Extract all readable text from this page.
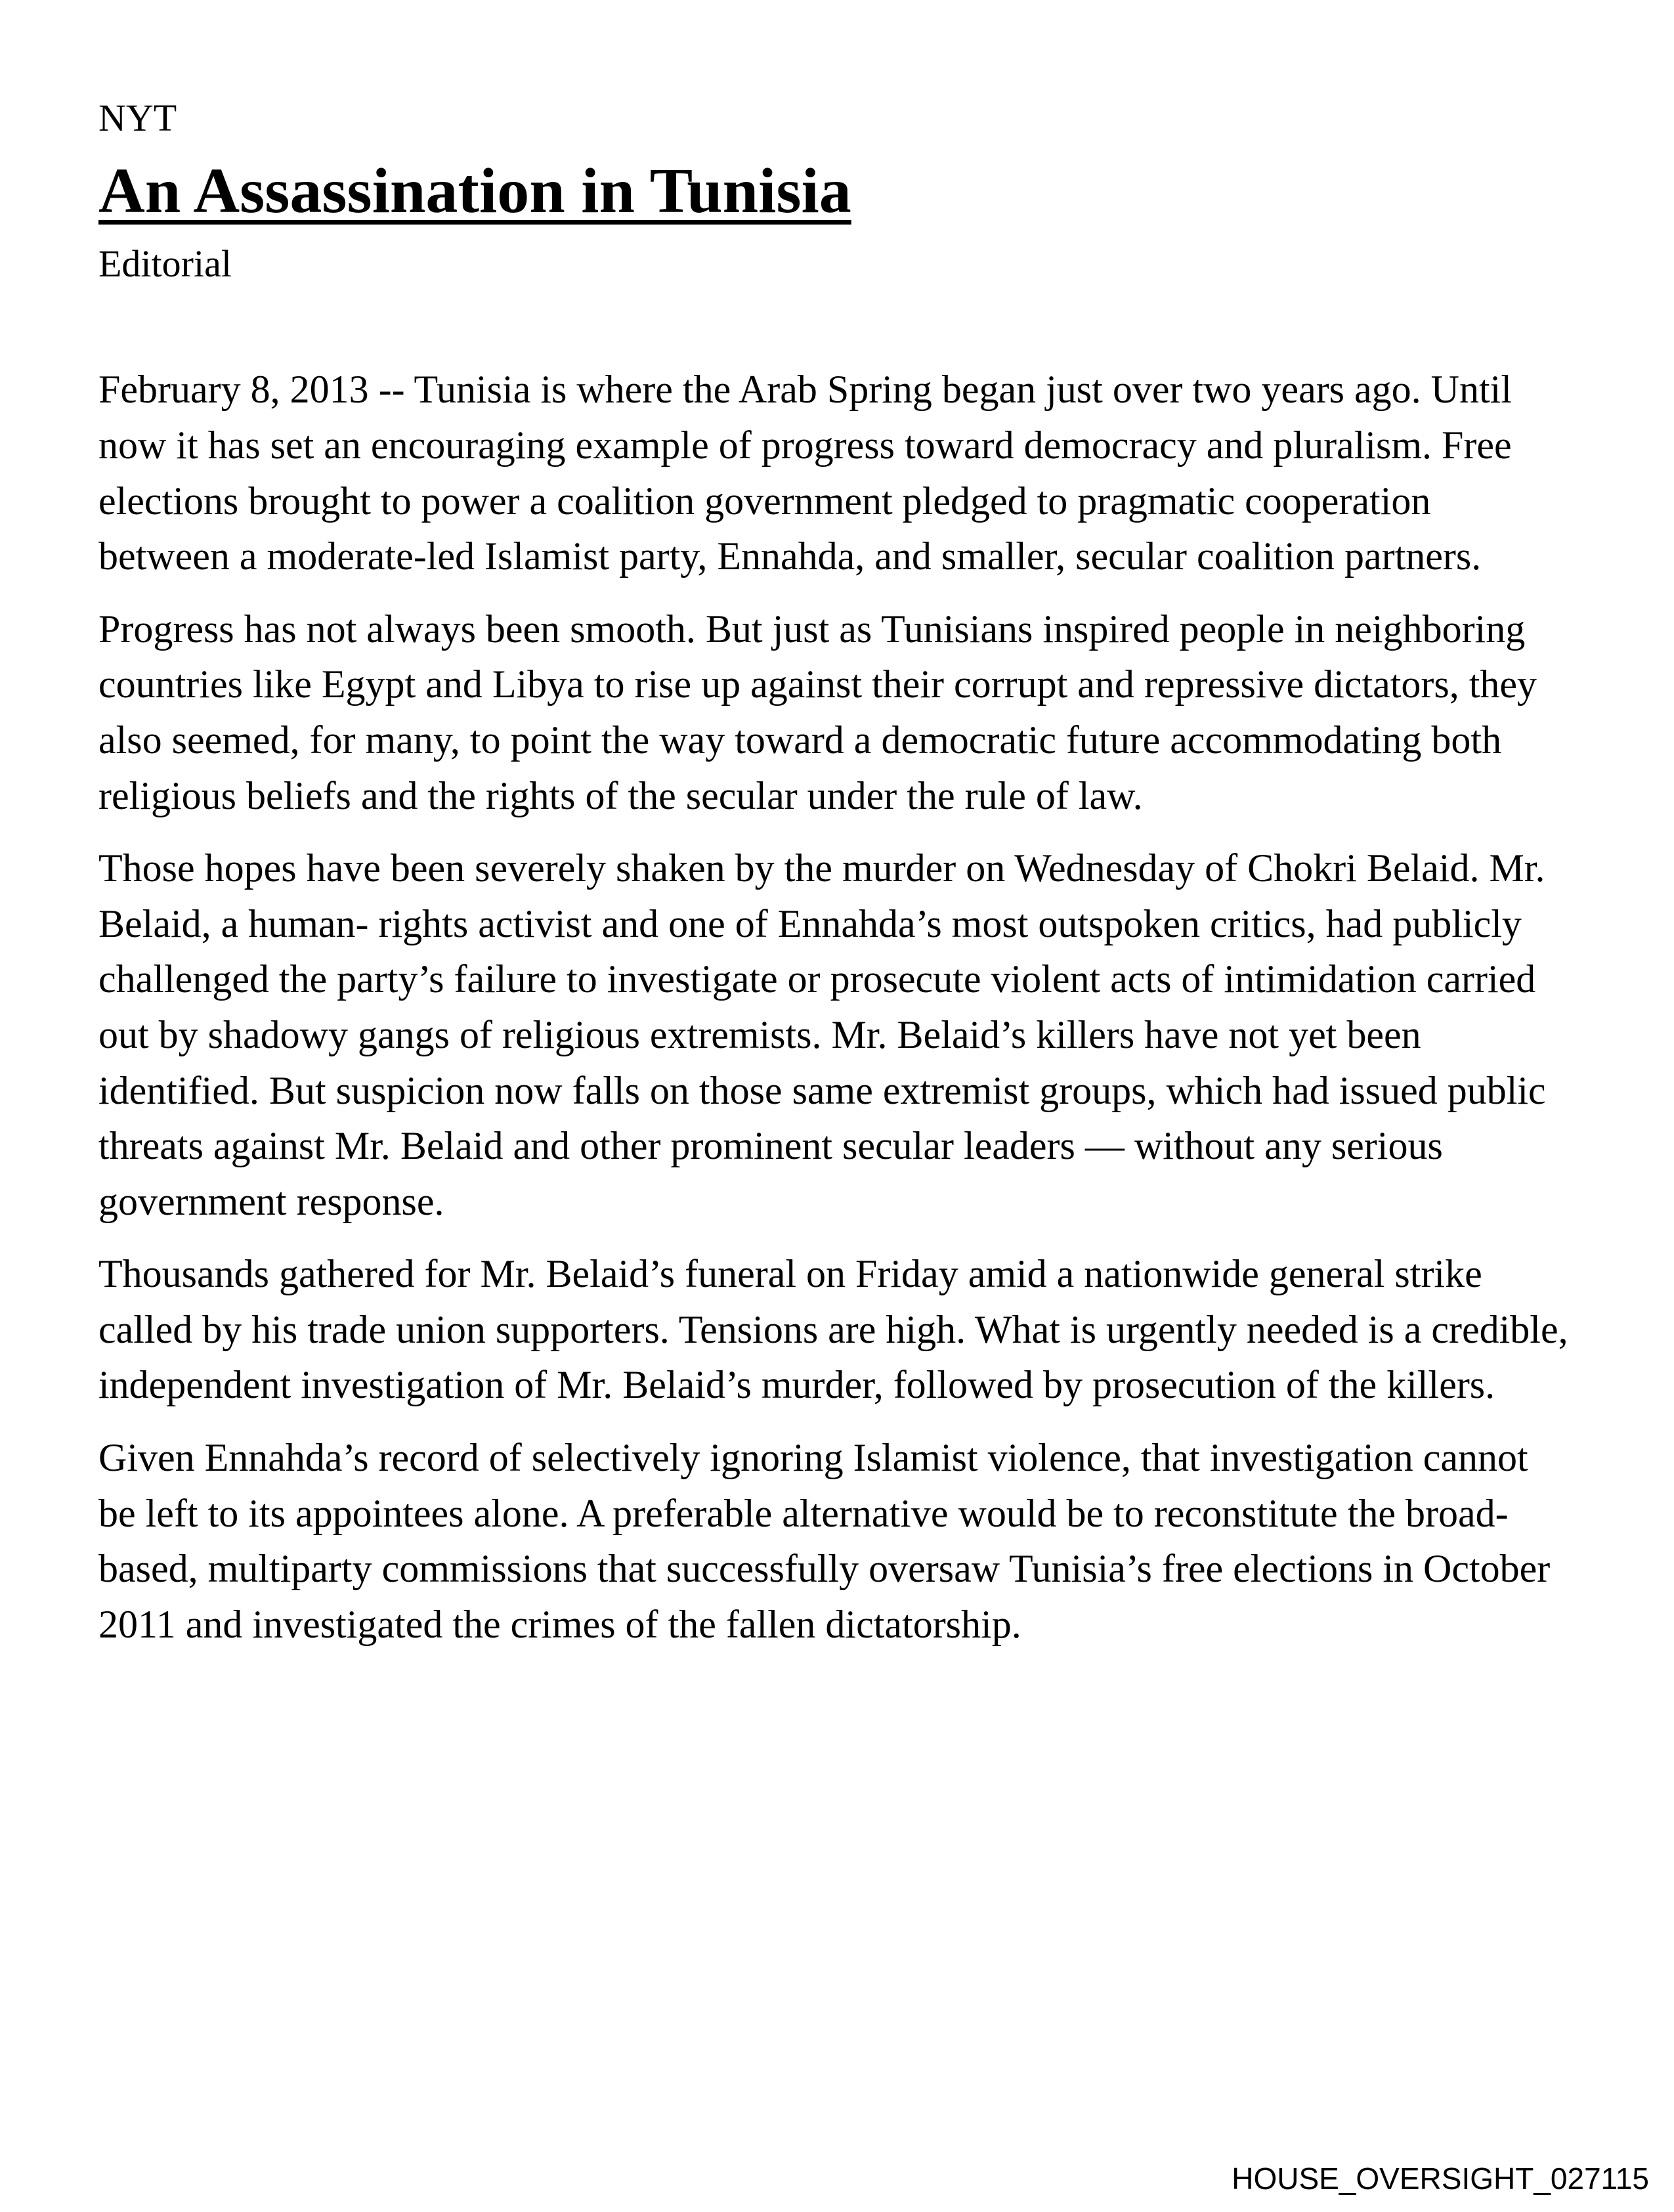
NYT

An Assassination in Tunisia

Editorial

February 8, 2013 -- Tunisia is where the Arab Spring began just over two years ago. Until now it has set an encouraging example of progress toward democracy and pluralism. Free elections brought to power a coalition government pledged to pragmatic cooperation between a moderate-led Islamist party, Ennahda, and smaller, secular coalition partners.

Progress has not always been smooth. But just as Tunisians inspired people in neighboring countries like Egypt and Libya to rise up against their corrupt and repressive dictators, they also seemed, for many, to point the way toward a democratic future accommodating both religious beliefs and the rights of the secular under the rule of law.

Those hopes have been severely shaken by the murder on Wednesday of Chokri Belaid. Mr. Belaid, a human- rights activist and one of Ennahda’s most outspoken critics, had publicly challenged the party’s failure to investigate or prosecute violent acts of intimidation carried out by shadowy gangs of religious extremists. Mr. Belaid’s killers have not yet been identified. But suspicion now falls on those same extremist groups, which had issued public threats against Mr. Belaid and other prominent secular leaders — without any serious government response.

Thousands gathered for Mr. Belaid’s funeral on Friday amid a nationwide general strike called by his trade union supporters. Tensions are high. What is urgently needed is a credible, independent investigation of Mr. Belaid’s murder, followed by prosecution of the killers.

Given Ennahda’s record of selectively ignoring Islamist violence, that investigation cannot be left to its appointees alone. A preferable alternative would be to reconstitute the broad-based, multiparty commissions that successfully oversaw Tunisia’s free elections in October 2011 and investigated the crimes of the fallen dictatorship.

HOUSE_OVERSIGHT_027115
